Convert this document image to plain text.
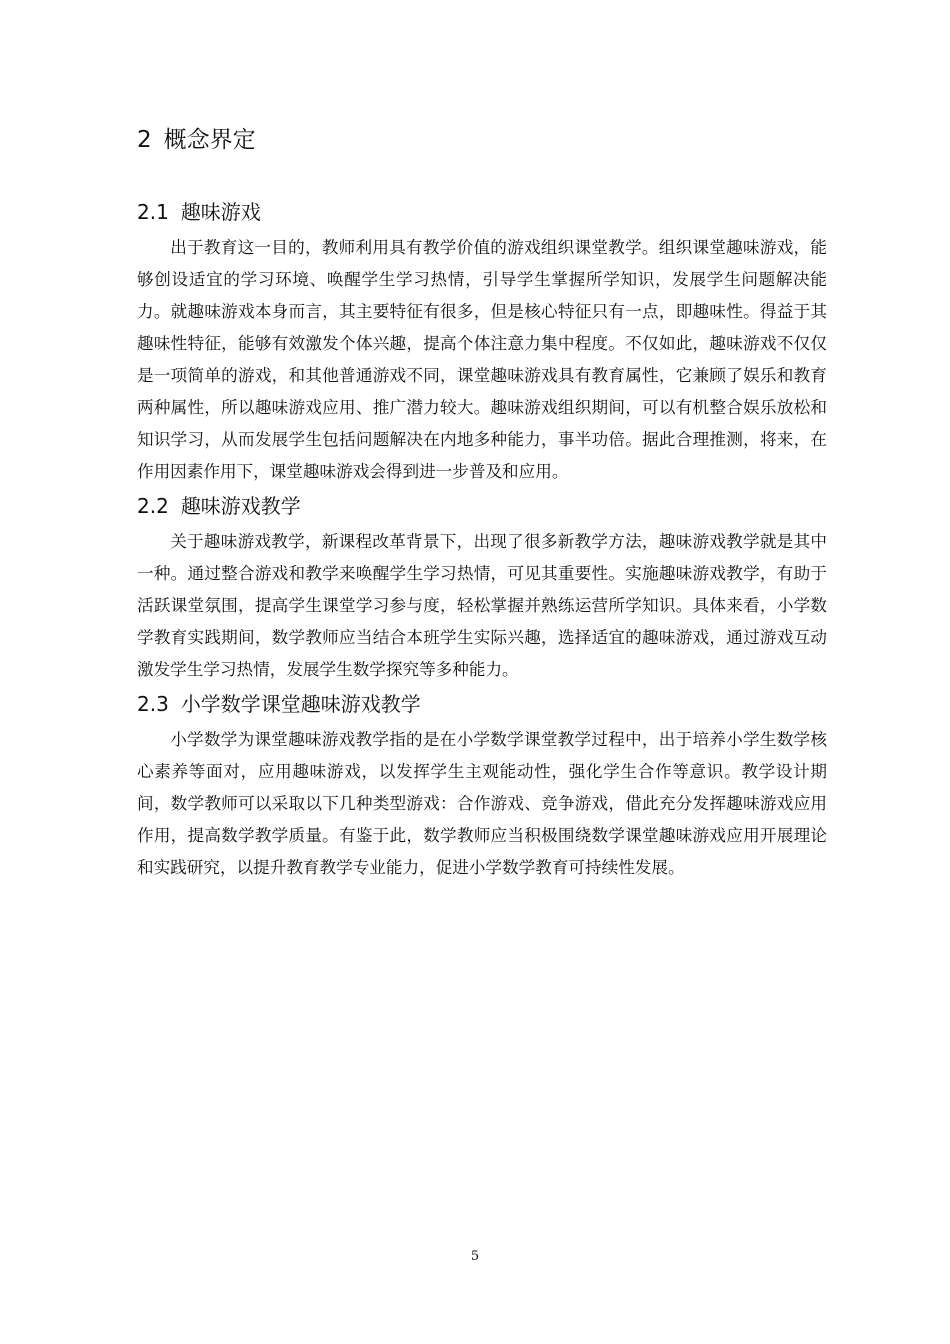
2 概念界定
2.1 趣味游戏

出于教育这一目的，教师利用具有教学价值的游戏组织课堂教学。组织课堂趣味游戏，能够创设适宜的学习环境、唤醒学生学习热情，引导学生掌握所学知识，发展学生问题解决能力。就趣味游戏本身而言，其主要特征有很多，但是核心特征只有一点，即趣味性。得益于其趣味性特征，能够有效激发个体兴趣，提高个体注意力集中程度。不仅如此，趣味游戏不仅仅是一项简单的游戏，和其他普通游戏不同，课堂趣味游戏具有教育属性，它兼顾了娱乐和教育两种属性，所以趣味游戏应用、推广潜力较大。趣味游戏组织期间，可以有机整合娱乐放松和知识学习，从而发展学生包括问题解决在内地多种能力，事半功倍。据此合理推测，将来，在作用因素作用下，课堂趣味游戏会得到进一步普及和应用。

2.2 趣味游戏教学

关于趣味游戏教学，新课程改革背景下，出现了很多新教学方法，趣味游戏教学就是其中一种。通过整合游戏和教学来唤醒学生学习热情，可见其重要性。实施趣味游戏教学，有助于活跃课堂氛围，提高学生课堂学习参与度，轻松掌握并熟练运营所学知识。具体来看，小学数学教育实践期间，数学教师应当结合本班学生实际兴趣，选择适宜的趣味游戏，通过游戏互动激发学生学习热情，发展学生数学探究等多种能力。

2.3 小学数学课堂趣味游戏教学

小学数学为课堂趣味游戏教学指的是在小学数学课堂教学过程中，出于培养小学生数学核心素养等面对，应用趣味游戏，以发挥学生主观能动性，强化学生合作等意识。教学设计期间，数学教师可以采取以下几种类型游戏：合作游戏、竞争游戏，借此充分发挥趣味游戏应用作用，提高数学教学质量。有鉴于此，数学教师应当积极围绕数学课堂趣味游戏应用开展理论和实践研究，以提升教育教学专业能力，促进小学数学教育可持续性发展。

5
